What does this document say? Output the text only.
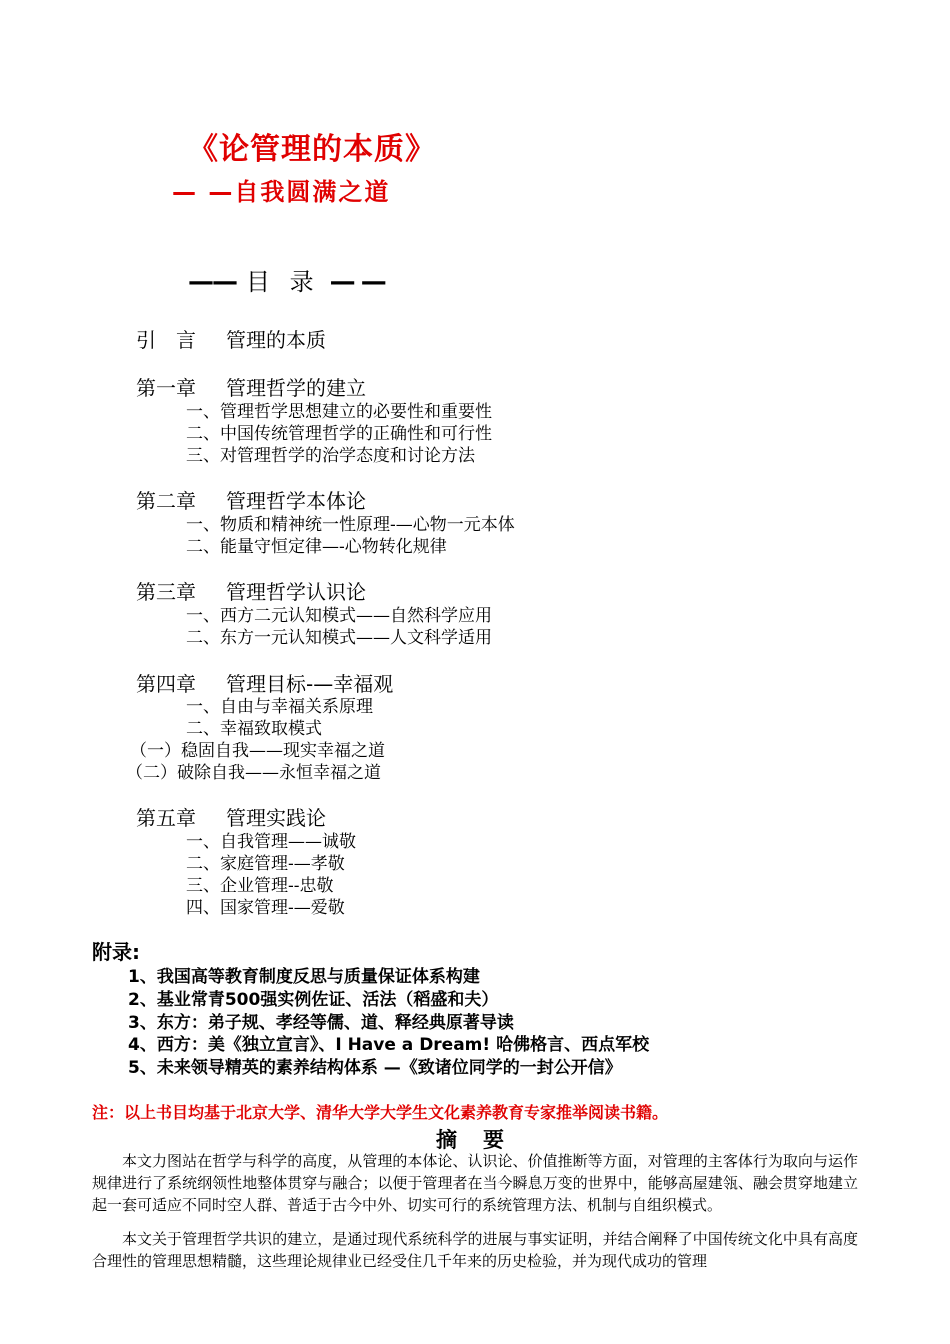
《论管理的本质》
— —自我圆满之道
—— 目 录 — —
引　言 管理的本质
第一章 管理哲学的建立
一、管理哲学思想建立的必要性和重要性
二、中国传统管理哲学的正确性和可行性
三、对管理哲学的治学态度和讨论方法
第二章 管理哲学本体论
一、物质和精神统一性原理-—心物一元本体
二、能量守恒定律—-心物转化规律
第三章 管理哲学认识论
一、西方二元认知模式——自然科学应用
二、东方一元认知模式——人文科学适用
第四章 管理目标-—幸福观
一、自由与幸福关系原理
二、幸福致取模式
（一）稳固自我——现实幸福之道
（二）破除自我——永恒幸福之道
第五章 管理实践论
一、自我管理——诚敬
二、家庭管理-—孝敬
三、企业管理--忠敬
四、国家管理-—爱敬
附录:
1、我国高等教育制度反思与质量保证体系构建
2、基业常青500强实例佐证、活法（稻盛和夫）
3、东方：弟子规、孝经等儒、道、释经典原著导读
4、西方：美《独立宣言》、I Have a Dream! 哈佛格言、西点军校
5、未来领导精英的素养结构体系 —《致诸位同学的一封公开信》
注：以上书目均基于北京大学、清华大学大学生文化素养教育专家推举阅读书籍。
摘要
本文力图站在哲学与科学的高度，从管理的本体论、认识论、价值推断等方面，对管理的主客体行为取向与运作规律进行了系统纲领性地整体贯穿与融合；以便于管理者在当今瞬息万变的世界中，能够高屋建瓴、融会贯穿地建立起一套可适应不同时空人群、普适于古今中外、切实可行的系统管理方法、机制与自组织模式。
本文关于管理哲学共识的建立，是通过现代系统科学的进展与事实证明，并结合阐释了中国传统文化中具有高度合理性的管理思想精髓，这些理论规律业已经受住几千年来的历史检验，并为现代成功的管理
